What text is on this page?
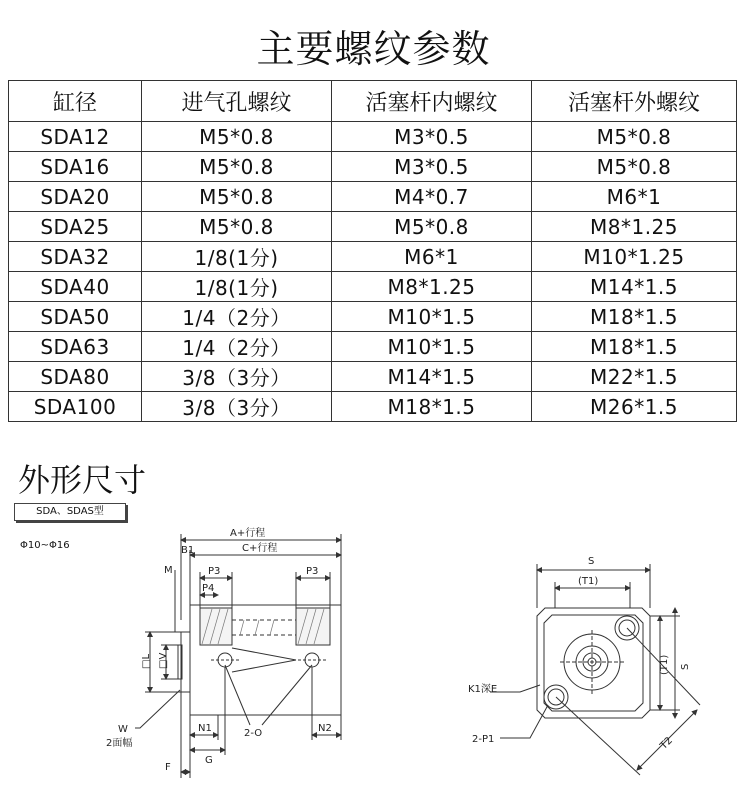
主要螺纹参数
缸径	进气孔螺纹	活塞杆内螺纹	活塞杆外螺纹
SDA12	M5*0.8	M3*0.5	M5*0.8
SDA16	M5*0.8	M3*0.5	M5*0.8
SDA20	M5*0.8	M4*0.7	M6*1
SDA25	M5*0.8	M5*0.8	M8*1.25
SDA32	1/8(1分)	M6*1	M10*1.25
SDA40	1/8(1分)	M8*1.25	M14*1.5
SDA50	1/4（2分）	M10*1.5	M18*1.5
SDA63	1/4（2分）	M10*1.5	M18*1.5
SDA80	3/8（3分）	M14*1.5	M22*1.5
SDA100	3/8（3分）	M18*1.5	M26*1.5
外形尺寸
SDA、SDAS型
Φ10~Φ16
A+行程
B1	C+行程
M	P3	P3
P4
□L □V
W
2面幅
N1	2-O	N2
G
F
S
(T1)
(T1) S
K1深E
2-P1	T2
